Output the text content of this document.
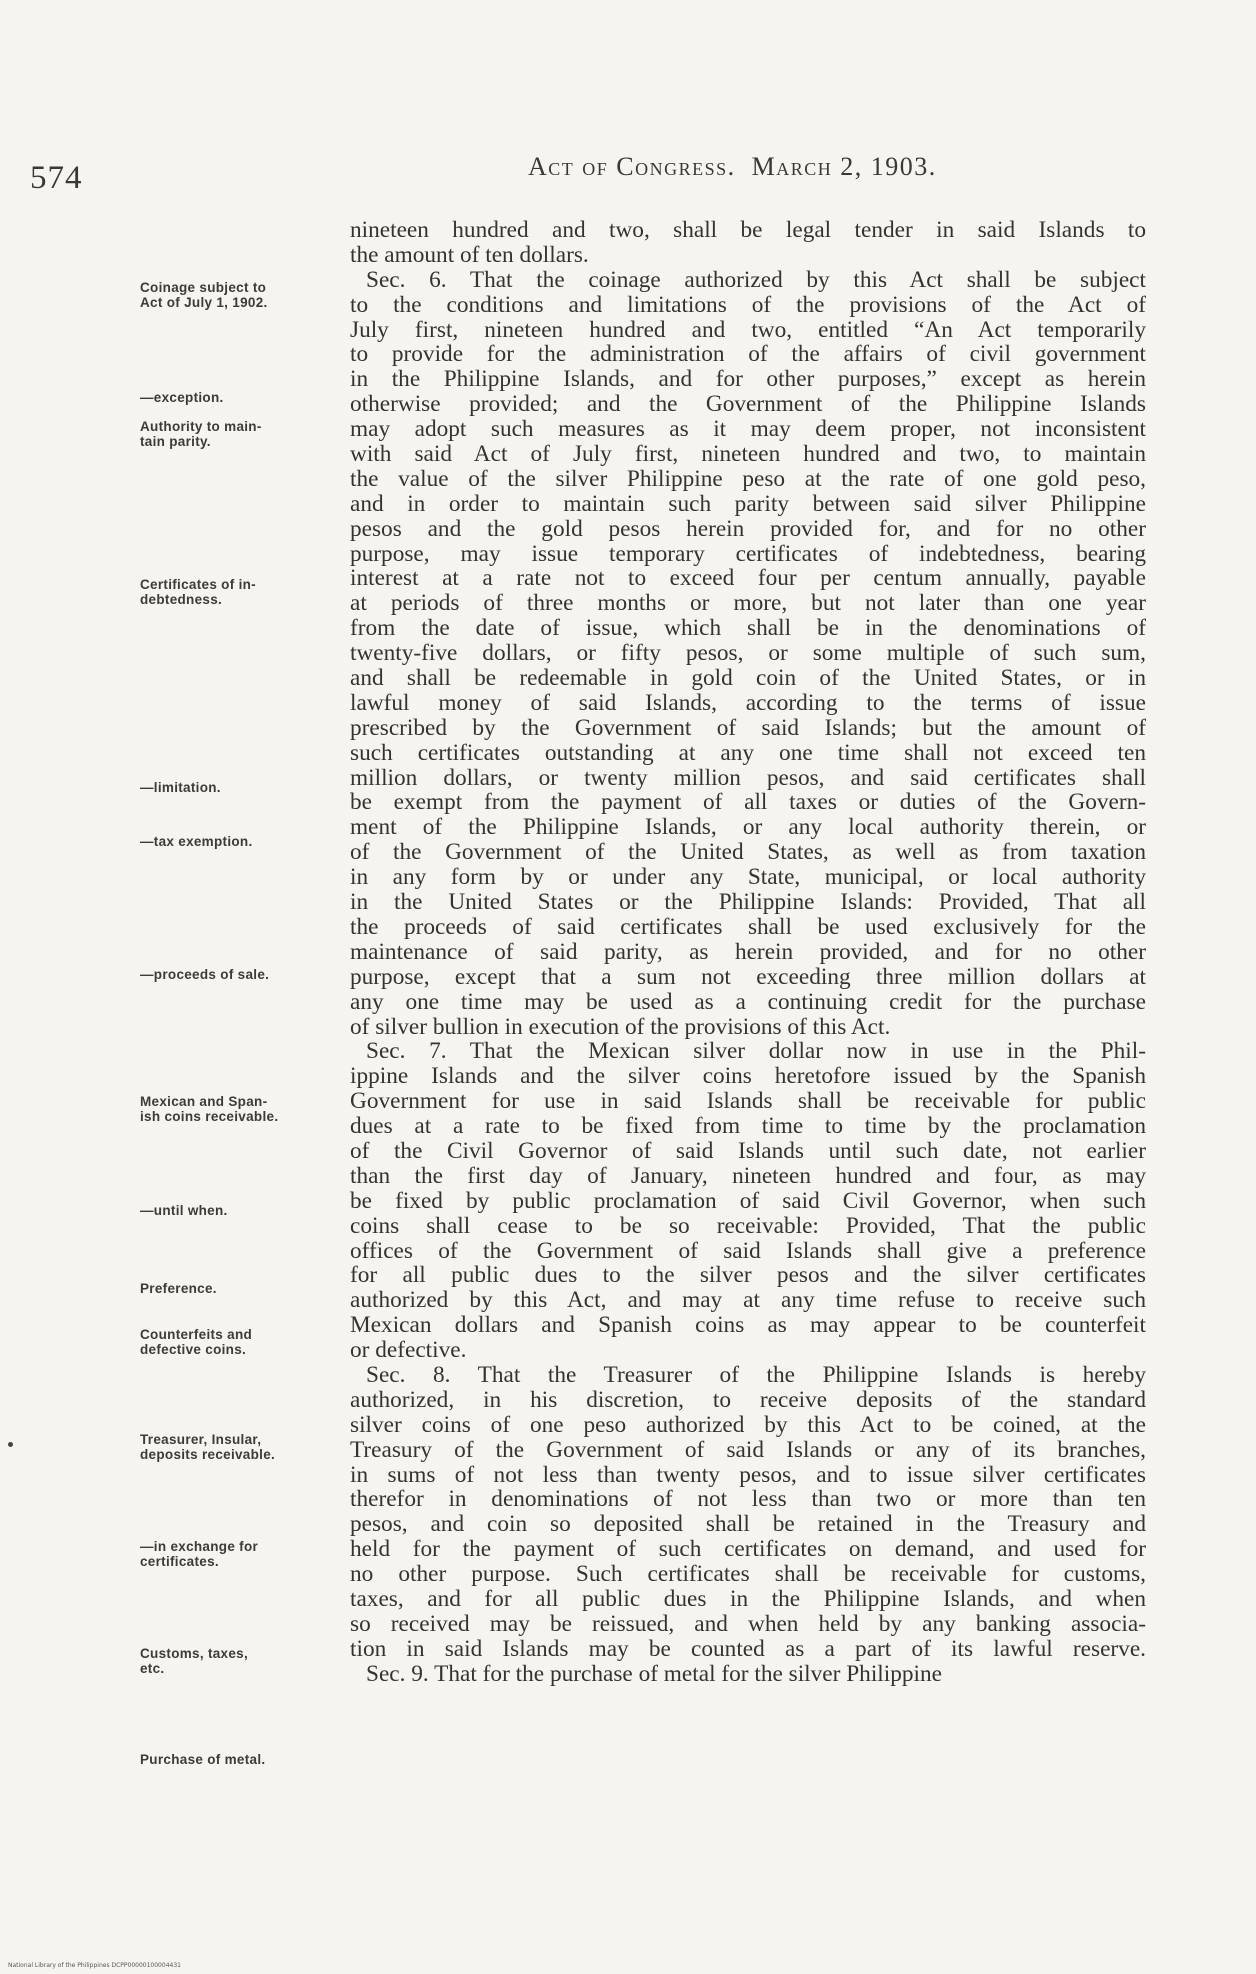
574	Act of Congress. March 2, 1903.
Coinage subject to
Act of July 1, 1902.
—exception.
Authority to main-
tain parity.
Certificates of in-
debtedness.
—limitation.
—tax exemption.
—proceeds of sale.
Mexican and Span-
ish coins receivable.
—until when.
Preference.
Counterfeits and
defective coins.
Treasurer, Insular,
deposits receivable.
—in exchange for
certificates.
Customs, taxes,
etc.
Purchase of metal.
nineteen hundred and two, shall be legal tender in said Islands to
the amount of ten dollars.
Sec. 6. That the coinage authorized by this Act shall be subject
to the conditions and limitations of the provisions of the Act of
July first, nineteen hundred and two, entitled “An Act temporarily
to provide for the administration of the affairs of civil government
in the Philippine Islands, and for other purposes,” except as herein
otherwise provided; and the Government of the Philippine Islands
may adopt such measures as it may deem proper, not inconsistent
with said Act of July first, nineteen hundred and two, to maintain
the value of the silver Philippine peso at the rate of one gold peso,
and in order to maintain such parity between said silver Philippine
pesos and the gold pesos herein provided for, and for no other
purpose, may issue temporary certificates of indebtedness, bearing
interest at a rate not to exceed four per centum annually, payable
at periods of three months or more, but not later than one year
from the date of issue, which shall be in the denominations of
twenty-five dollars, or fifty pesos, or some multiple of such sum,
and shall be redeemable in gold coin of the United States, or in
lawful money of said Islands, according to the terms of issue
prescribed by the Government of said Islands; but the amount of
such certificates outstanding at any one time shall not exceed ten
million dollars, or twenty million pesos, and said certificates shall
be exempt from the payment of all taxes or duties of the Govern-
ment of the Philippine Islands, or any local authority therein, or
of the Government of the United States, as well as from taxation
in any form by or under any State, municipal, or local authority
in the United States or the Philippine Islands: Provided, That all
the proceeds of said certificates shall be used exclusively for the
maintenance of said parity, as herein provided, and for no other
purpose, except that a sum not exceeding three million dollars at
any one time may be used as a continuing credit for the purchase
of silver bullion in execution of the provisions of this Act.
Sec. 7. That the Mexican silver dollar now in use in the Phil-
ippine Islands and the silver coins heretofore issued by the Spanish
Government for use in said Islands shall be receivable for public
dues at a rate to be fixed from time to time by the proclamation
of the Civil Governor of said Islands until such date, not earlier
than the first day of January, nineteen hundred and four, as may
be fixed by public proclamation of said Civil Governor, when such
coins shall cease to be so receivable: Provided, That the public
offices of the Government of said Islands shall give a preference
for all public dues to the silver pesos and the silver certificates
authorized by this Act, and may at any time refuse to receive such
Mexican dollars and Spanish coins as may appear to be counterfeit
or defective.
Sec. 8. That the Treasurer of the Philippine Islands is hereby
authorized, in his discretion, to receive deposits of the standard
silver coins of one peso authorized by this Act to be coined, at the
Treasury of the Government of said Islands or any of its branches,
in sums of not less than twenty pesos, and to issue silver certificates
therefor in denominations of not less than two or more than ten
pesos, and coin so deposited shall be retained in the Treasury and
held for the payment of such certificates on demand, and used for
no other purpose. Such certificates shall be receivable for customs,
taxes, and for all public dues in the Philippine Islands, and when
so received may be reissued, and when held by any banking associa-
tion in said Islands may be counted as a part of its lawful reserve.
Sec. 9. That for the purchase of metal for the silver Philippine
National Library of the Philippines DCPP00000100004431
